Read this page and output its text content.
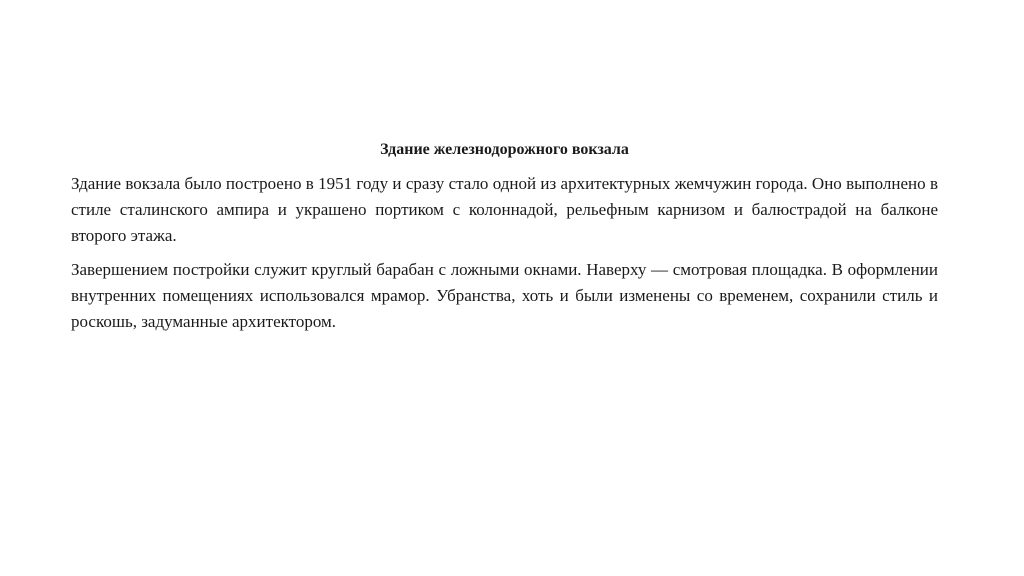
Здание железнодорожного вокзала

Здание вокзала было построено в 1951 году и сразу стало одной из архитектурных жемчужин города. Оно выполнено в стиле сталинского ампира и украшено портиком с колоннадой, рельефным карнизом и балюстрадой на балконе второго этажа.

Завершением постройки служит круглый барабан с ложными окнами. Наверху — смотровая площадка. В оформлении внутренних помещениях использовался мрамор. Убранства, хоть и были изменены со временем, сохранили стиль и роскошь, задуманные архитектором.
